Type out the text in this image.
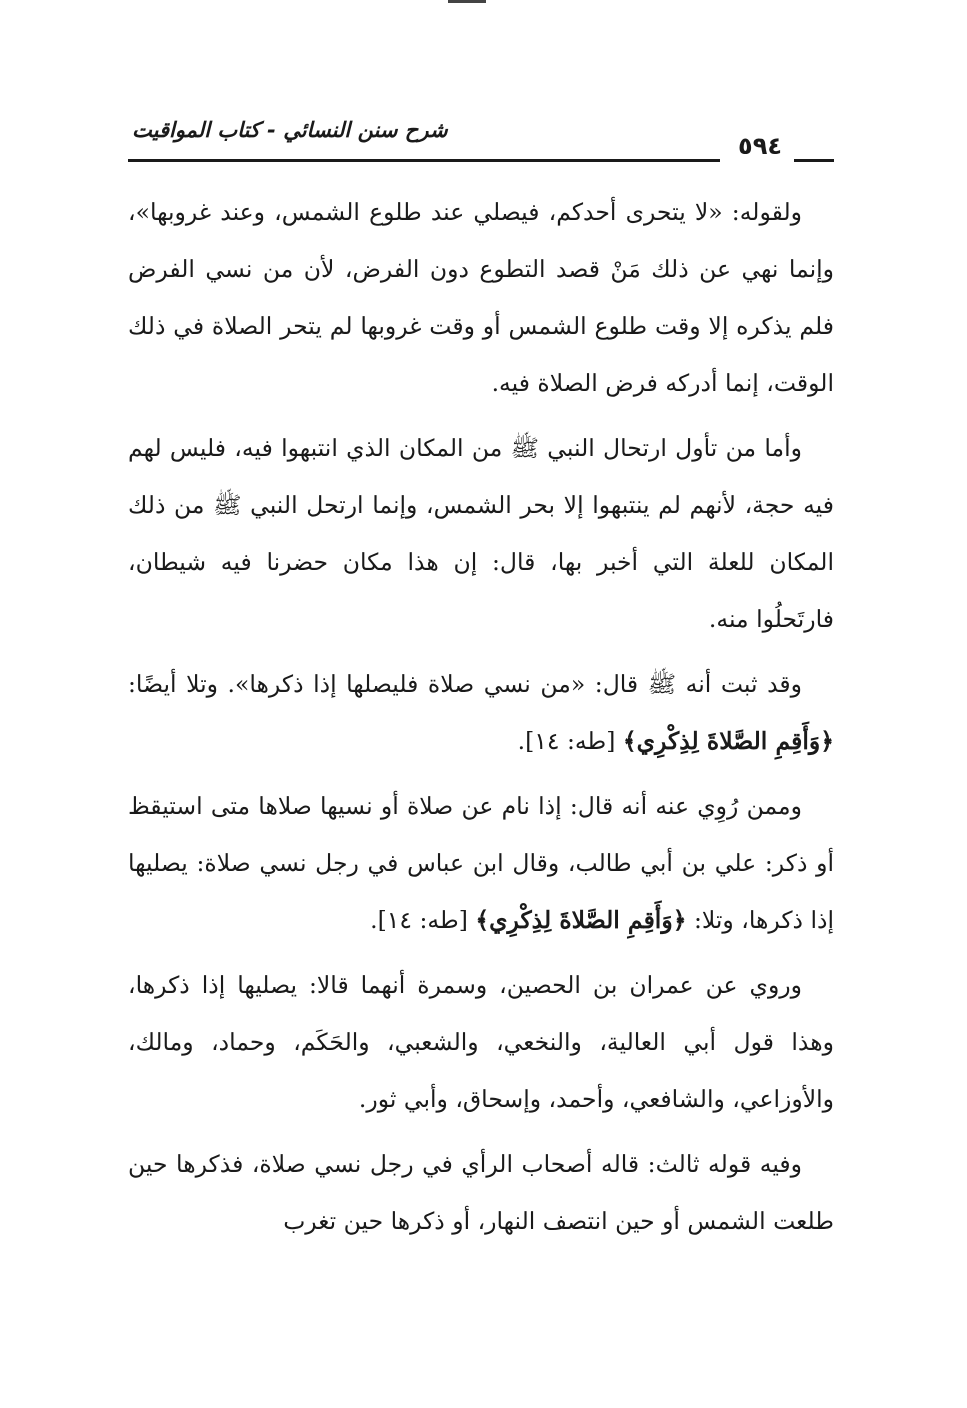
شرح سنن النسائي - كتاب المواقيت
٥٩٤

ولقوله: «لا يتحرى أحدكم، فيصلي عند طلوع الشمس، وعند غروبها»، وإنما نهي عن ذلك مَنْ قصد التطوع دون الفرض، لأن من نسي الفرض فلم يذكره إلا وقت طلوع الشمس أو وقت غروبها لم يتحر الصلاة في ذلك الوقت، إنما أدركه فرض الصلاة فيه.

وأما من تأول ارتحال النبي ﷺ من المكان الذي انتبهوا فيه، فليس لهم فيه حجة، لأنهم لم ينتبهوا إلا بحر الشمس، وإنما ارتحل النبي ﷺ من ذلك المكان للعلة التي أخبر بها، قال: إن هذا مكان حضرنا فيه شيطان، فارتَحلُوا منه.

وقد ثبت أنه ﷺ قال: «من نسي صلاة فليصلها إذا ذكرها». وتلا أيضًا: ﴿وَأَقِمِ الصَّلاةَ لِذِكْرِي﴾ [طه: ١٤].

وممن رُوِي عنه أنه قال: إذا نام عن صلاة أو نسيها صلاها متى استيقظ أو ذكر: علي بن أبي طالب، وقال ابن عباس في رجل نسي صلاة: يصليها إذا ذكرها، وتلا: ﴿وَأَقِمِ الصَّلاةَ لِذِكْرِي﴾ [طه: ١٤].

وروي عن عمران بن الحصين، وسمرة أنهما قالا: يصليها إذا ذكرها، وهذا قول أبي العالية، والنخعي، والشعبي، والحَكَم، وحماد، ومالك، والأوزاعي، والشافعي، وأحمد، وإسحاق، وأبي ثور.

وفيه قوله ثالث: قاله أصحاب الرأي في رجل نسي صلاة، فذكرها حين طلعت الشمس أو حين انتصف النهار، أو ذكرها حين تغرب
